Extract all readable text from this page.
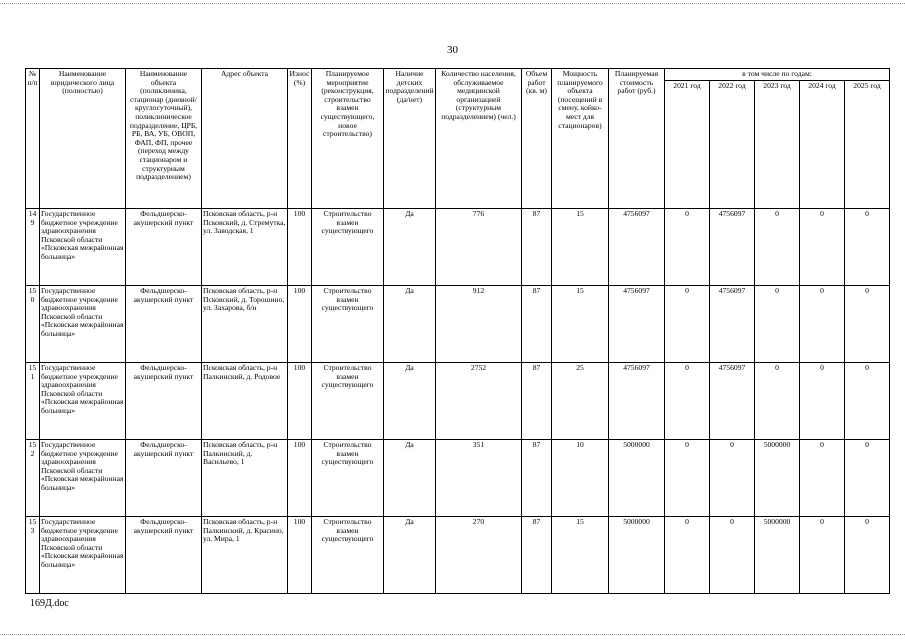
30
№ п/п	Наименование юридического лица (полностью)	Наименование объекта (поликлиника, стационар (дневной/ круглосуточный), поликлиническое подразделение, ЦРБ, РБ, ВА, УБ, ОВОП, ФАП, ФП, прочее (переход между стационаром и структурным подразделением)	Адрес объекта	Износ (%)	Планируемое мероприятие (реконструкция, строительство взамен существующего, новое строительство)	Наличие детских подразделений (да/нет)	Количество населения, обслуживаемое медицинской организацией (структурным подразделением) (чел.)	Объем работ (кв. м)	Мощность планируемого объекта (посещений в смену, койко-мест для стационаров)	Планируемая стоимость работ (руб.)	в том числе по годам:				
											2021 год	2022 год	2023 год	2024 год	2025 год
149	Государственное бюджетное учреждение здравоохранения Псковской области «Псковская межрайонная больница»	Фельдшерско-акушерский пункт	Псковская область, р-н Псковский, д. Стремутка, ул. Заводская, 1	100	Строительство взамен существующего	Да	776	87	15	4756097	0	4756097	0	0	0
150	Государственное бюджетное учреждение здравоохранения Псковской области «Псковская межрайонная больница»	Фельдшерско-акушерский пункт	Псковская область, р-н Псковский, д. Торошино, ул. Захарова, б/н	100	Строительство взамен существующего	Да	912	87	15	4756097	0	4756097	0	0	0
151	Государственное бюджетное учреждение здравоохранения Псковской области «Псковская межрайонная больница»	Фельдшерско-акушерский пункт	Псковская область, р-н Палкинский, д. Родовое	100	Строительство взамен существующего	Да	2752	87	25	4756097	0	4756097	0	0	0
152	Государственное бюджетное учреждение здравоохранения Псковской области «Псковская межрайонная больница»	Фельдшерско-акушерский пункт	Псковская область, р-н Палкинский, д. Васильево, 1	100	Строительство взамен существующего	Да	351	87	10	5000000	0	0	5000000	0	0
153	Государственное бюджетное учреждение здравоохранения Псковской области «Псковская межрайонная больница»	Фельдшерско-акушерский пункт	Псковская область, р-н Палкинский, д. Красино, ул. Мира, 1	100	Строительство взамен существующего	Да	270	87	15	5000000	0	0	5000000	0	0
169Д.doc
